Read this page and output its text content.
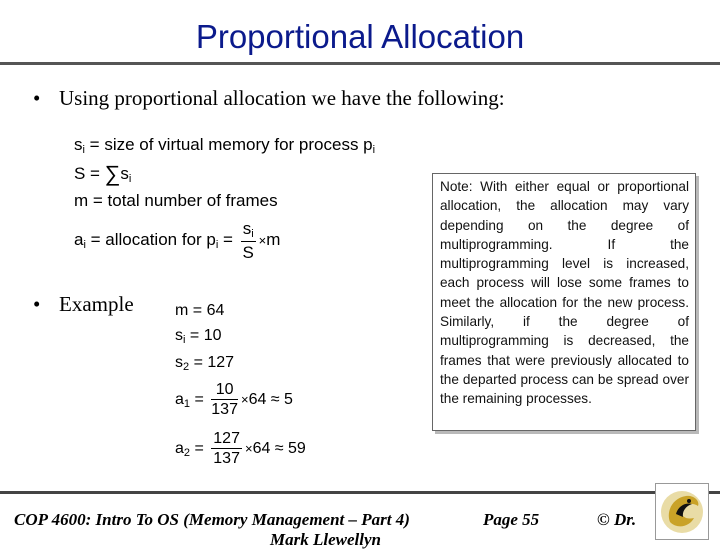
Proportional Allocation
• Using proportional allocation we have the following:
$s_i$ = size of virtual memory for process $p_i$
$S = \sum s_i$
m = total number of frames
$a_i$ = allocation for $p_i = \frac{s_i}{S} \times m$
• Example	m = 64
$s_i = 10$
$s_2 = 127$
$a_1 = \frac{10}{137} \times 64 \approx 5$
$a_2 = \frac{127}{137} \times 64 \approx 59$
Note: With either equal or proportional allocation, the allocation may vary depending on the degree of multiprogramming. If the multiprogramming level is increased, each process will lose some frames to meet the allocation for the new process. Similarly, if the degree of multiprogramming is decreased, the frames that were previously allocated to the departed process can be spread over the remaining processes.
COP 4600: Intro To OS (Memory Management – Part 4)	Page 55	© Dr.
Mark Llewellyn
